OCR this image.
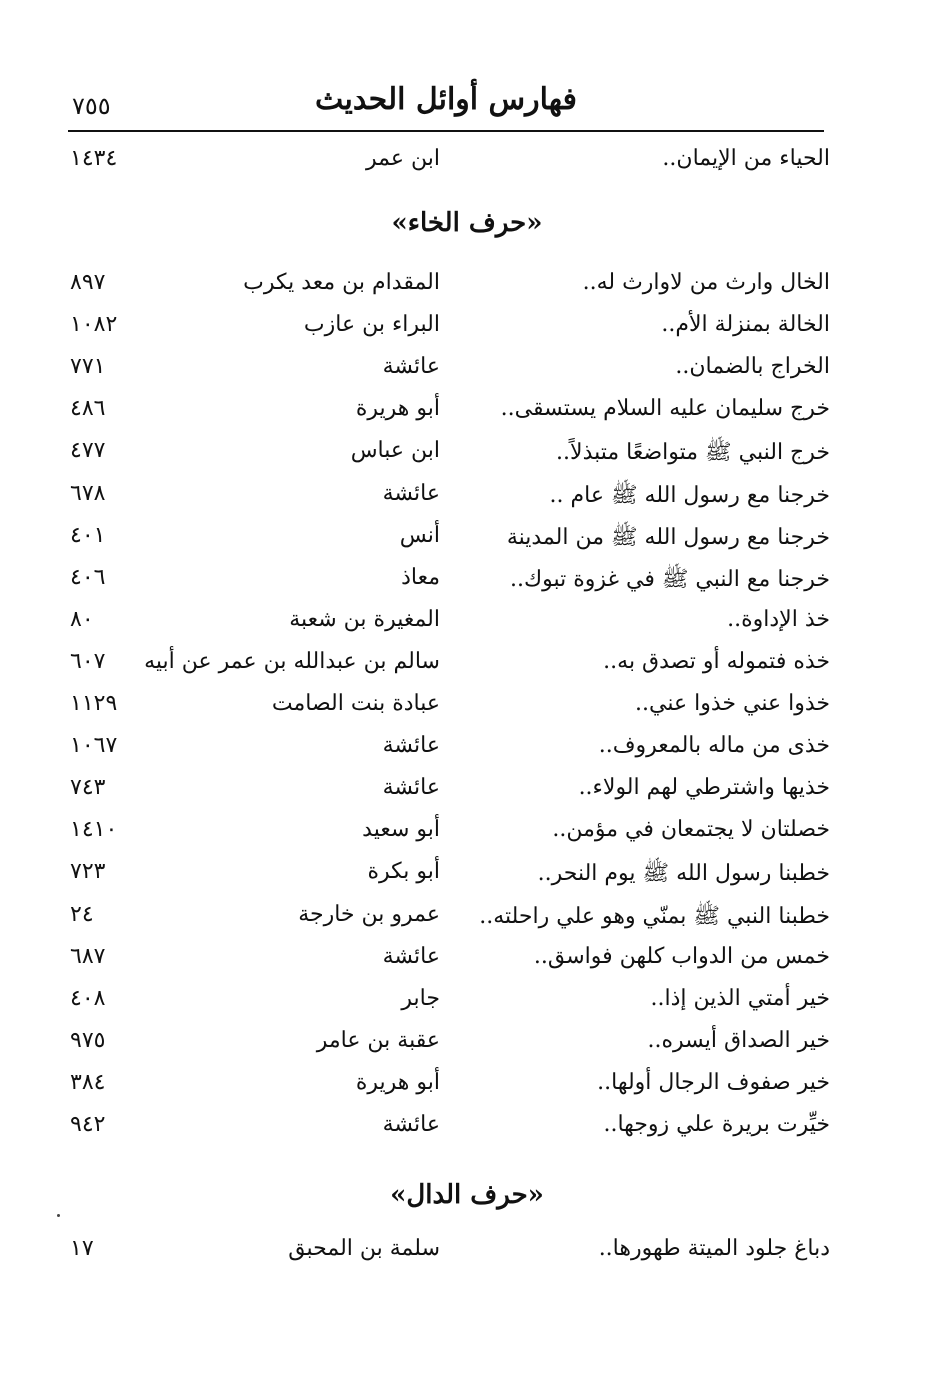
فهارس أوائل الحديث
٧٥٥
الحياء من الإيمان..
ابن عمر
١٤٣٤
«حرف الخاء»
الخال وارث من لاوارث له..
المقدام بن معد يكرب
٨٩٧
الخالة بمنزلة الأم..
البراء بن عازب
١٠٨٢
الخراج بالضمان..
عائشة
٧٧١
خرج سليمان عليه السلام يستسقى..
أبو هريرة
٤٨٦
خرج النبي ﷺ متواضعًا متبذلاً..
ابن عباس
٤٧٧
خرجنا مع رسول الله ﷺ عام ..
عائشة
٦٧٨
خرجنا مع رسول الله ﷺ من المدينة
أنس
٤٠١
خرجنا مع النبي ﷺ في غزوة تبوك..
معاذ
٤٠٦
خذ الإداوة..
المغيرة بن شعبة
٨٠
خذه فتموله أو تصدق به..
سالم بن عبدالله بن عمر عن أبيه
٦٠٧
خذوا عني خذوا عني..
عبادة بنت الصامت
١١٢٩
خذى من ماله بالمعروف..
عائشة
١٠٦٧
خذيها واشترطي لهم الولاء..
عائشة
٧٤٣
خصلتان لا يجتمعان في مؤمن..
أبو سعيد
١٤١٠
خطبنا رسول الله ﷺ يوم النحر..
أبو بكرة
٧٢٣
خطبنا النبي ﷺ بمنّي وهو علي راحلته..
عمرو بن خارجة
٢٤
خمس من الدواب كلهن فواسق..
عائشة
٦٨٧
خير أمتي الذين إذا..
جابر
٤٠٨
خير الصداق أيسره..
عقبة بن عامر
٩٧٥
خير صفوف الرجال أولها..
أبو هريرة
٣٨٤
خيِّرت بريرة علي زوجها..
عائشة
٩٤٢
«حرف الدال»
دباغ جلود الميتة طهورها..
سلمة بن المحبق
١٧
